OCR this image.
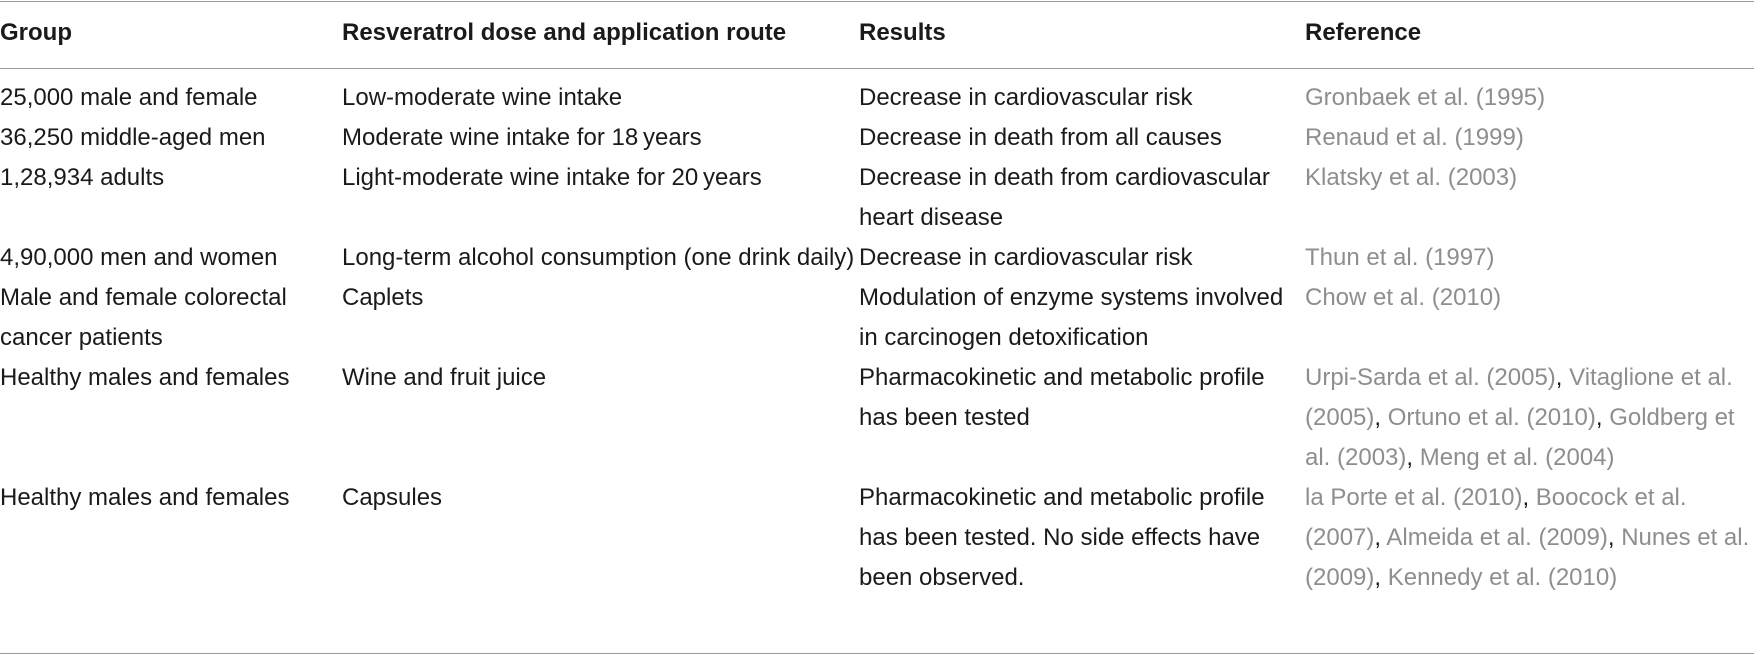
Group	Resveratrol dose and application route	Results	Reference
25,000 male and female	Low-moderate wine intake	Decrease in cardiovascular risk	Gronbaek et al. (1995)
36,250 middle-aged men	Moderate wine intake for 18 years	Decrease in death from all causes	Renaud et al. (1999)
1,28,934 adults	Light-moderate wine intake for 20 years	Decrease in death from cardiovascular heart disease	Klatsky et al. (2003)
4,90,000 men and women	Long-term alcohol consumption (one drink daily)	Decrease in cardiovascular risk	Thun et al. (1997)
Male and female colorectal cancer patients	Caplets	Modulation of enzyme systems involved in carcinogen detoxification	Chow et al. (2010)
Healthy males and females	Wine and fruit juice	Pharmacokinetic and metabolic profile has been tested	Urpi-Sarda et al. (2005), Vitaglione et al. (2005), Ortuno et al. (2010), Goldberg et al. (2003), Meng et al. (2004)
Healthy males and females	Capsules	Pharmacokinetic and metabolic profile has been tested. No side effects have been observed.	la Porte et al. (2010), Boocock et al. (2007), Almeida et al. (2009), Nunes et al. (2009), Kennedy et al. (2010)
